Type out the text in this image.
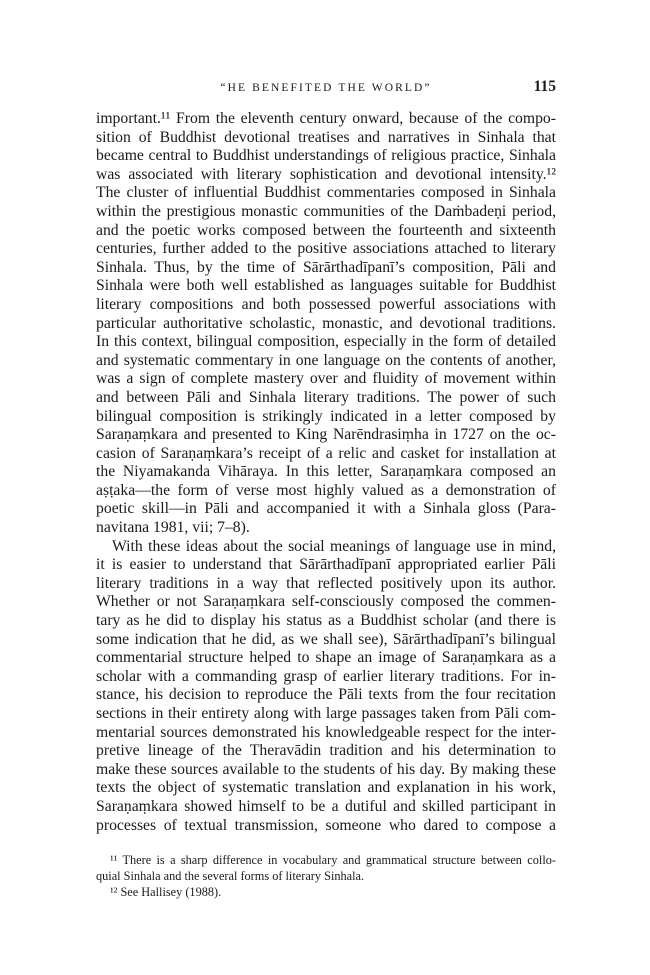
“HE BENEFITED THE WORLD”	115
important.¹¹ From the eleventh century onward, because of the compo-
sition of Buddhist devotional treatises and narratives in Sinhala that
became central to Buddhist understandings of religious practice, Sinhala
was associated with literary sophistication and devotional intensity.¹²
The cluster of influential Buddhist commentaries composed in Sinhala
within the prestigious monastic communities of the Daṁbadeṇi period,
and the poetic works composed between the fourteenth and sixteenth
centuries, further added to the positive associations attached to literary
Sinhala. Thus, by the time of Sārārthadīpanī’s composition, Pāli and
Sinhala were both well established as languages suitable for Buddhist
literary compositions and both possessed powerful associations with
particular authoritative scholastic, monastic, and devotional traditions.
In this context, bilingual composition, especially in the form of detailed
and systematic commentary in one language on the contents of another,
was a sign of complete mastery over and fluidity of movement within
and between Pāli and Sinhala literary traditions. The power of such
bilingual composition is strikingly indicated in a letter composed by
Saraṇaṃkara and presented to King Narēndrasiṃha in 1727 on the oc-
casion of Saraṇaṃkara’s receipt of a relic and casket for installation at
the Niyamakanda Vihāraya. In this letter, Saraṇaṃkara composed an
aṣṭaka—the form of verse most highly valued as a demonstration of
poetic skill—in Pāli and accompanied it with a Sinhala gloss (Para-
navitana 1981, vii; 7–8).
With these ideas about the social meanings of language use in mind,
it is easier to understand that Sārārthadīpanī appropriated earlier Pāli
literary traditions in a way that reflected positively upon its author.
Whether or not Saraṇaṃkara self-consciously composed the commen-
tary as he did to display his status as a Buddhist scholar (and there is
some indication that he did, as we shall see), Sārārthadīpanī’s bilingual
commentarial structure helped to shape an image of Saraṇaṃkara as a
scholar with a commanding grasp of earlier literary traditions. For in-
stance, his decision to reproduce the Pāli texts from the four recitation
sections in their entirety along with large passages taken from Pāli com-
mentarial sources demonstrated his knowledgeable respect for the inter-
pretive lineage of the Theravādin tradition and his determination to
make these sources available to the students of his day. By making these
texts the object of systematic translation and explanation in his work,
Saraṇaṃkara showed himself to be a dutiful and skilled participant in
processes of textual transmission, someone who dared to compose a
¹¹ There is a sharp difference in vocabulary and grammatical structure between collo-
quial Sinhala and the several forms of literary Sinhala.
¹² See Hallisey (1988).
